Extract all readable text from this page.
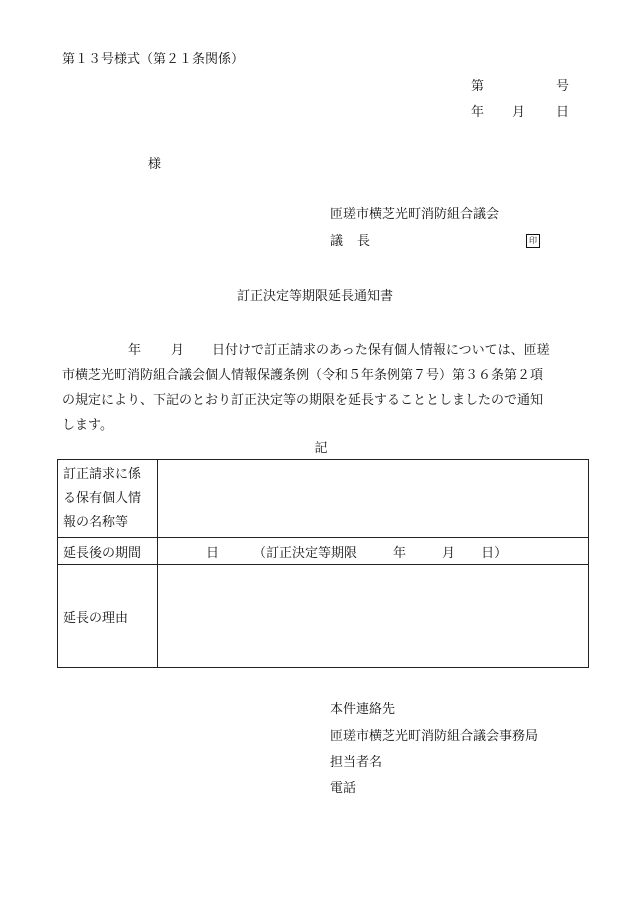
第１３号様式（第２１条関係）
第	号
年 月 日
様
匝瑳市横芝光町消防組合議会
議長	印
訂正決定等期限延長通知書
年 月 日付けで訂正請求のあった保有個人情報については、匝瑳
市横芝光町消防組合議会個人情報保護条例（令和５年条例第７号）第３６条第２項
の規定により、下記のとおり訂正決定等の期限を延長することとしましたので通知
します。
記
訂正請求に係
る保有個人情
報の名称等	

延長後の期間	日 （訂正決定等期限 年 月 日）
延長の理由	
本件連絡先
匝瑳市横芝光町消防組合議会事務局
担当者名
電話
